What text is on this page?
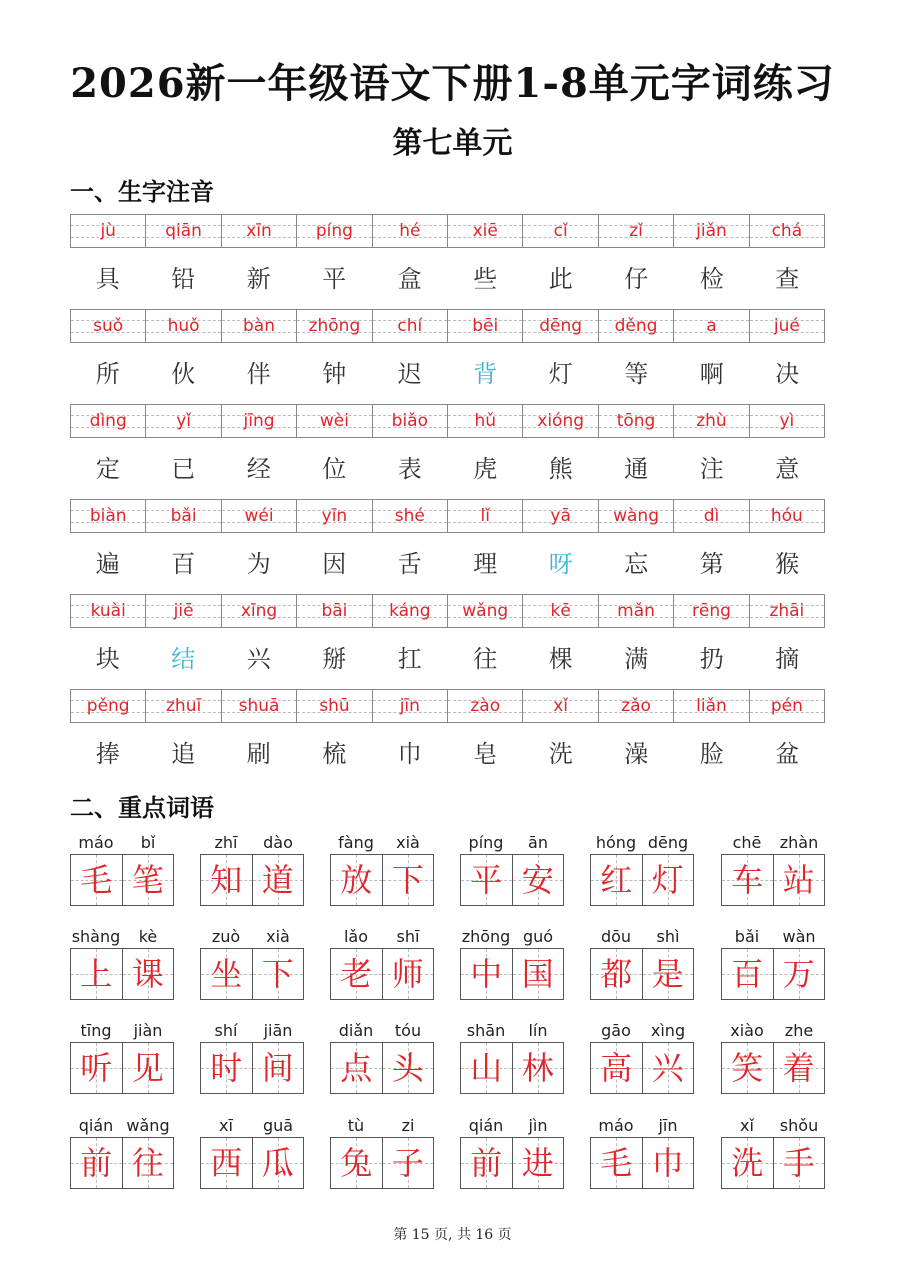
2026新一年级语文下册1-8单元字词练习
第七单元
一、生字注音
jù	qiān	xīn	píng	hé	xiē	cǐ	zǐ	jiǎn	chá
具	铅	新	平	盒	些	此	仔	检	查
suǒ	huǒ	bàn	zhōng	chí	bēi	dēng	děng	a	jué
所	伙	伴	钟	迟	背	灯	等	啊	决
dìng	yǐ	jīng	wèi	biǎo	hǔ	xióng	tōng	zhù	yì
定	已	经	位	表	虎	熊	通	注	意
biàn	bǎi	wéi	yīn	shé	lǐ	yā	wàng	dì	hóu
遍	百	为	因	舌	理	呀	忘	第	猴
kuài	jiē	xīng	bāi	káng	wǎng	kē	mǎn	rēng	zhāi
块	结	兴	掰	扛	往	棵	满	扔	摘
pěng	zhuī	shuā	shū	jīn	zào	xǐ	zǎo	liǎn	pén
捧	追	刷	梳	巾	皂	洗	澡	脸	盆
二、重点词语
máo	bǐ
毛 笔
zhī	dào
知 道
fàng	xià
放 下
píng	ān
平 安
hóng dēng
红 灯
chē	zhàn
车 站
shàng	kè
上 课
zuò	xià
坐 下
lǎo	shī
老 师
zhōng guó
中 国
dōu	shì
都 是
bǎi	wàn
百 万
tīng	jiàn
听 见
shí	jiān
时 间
diǎn	tóu
点 头
shān	lín
山 林
gāo	xìng
高 兴
xiào	zhe
笑 着
qián wǎng
前 往
xī	guā
西 瓜
tù	zi
兔 子
qián	jìn
前 进
máo	jīn
毛 巾
xǐ	shǒu
洗 手
第 15 页, 共 16 页
